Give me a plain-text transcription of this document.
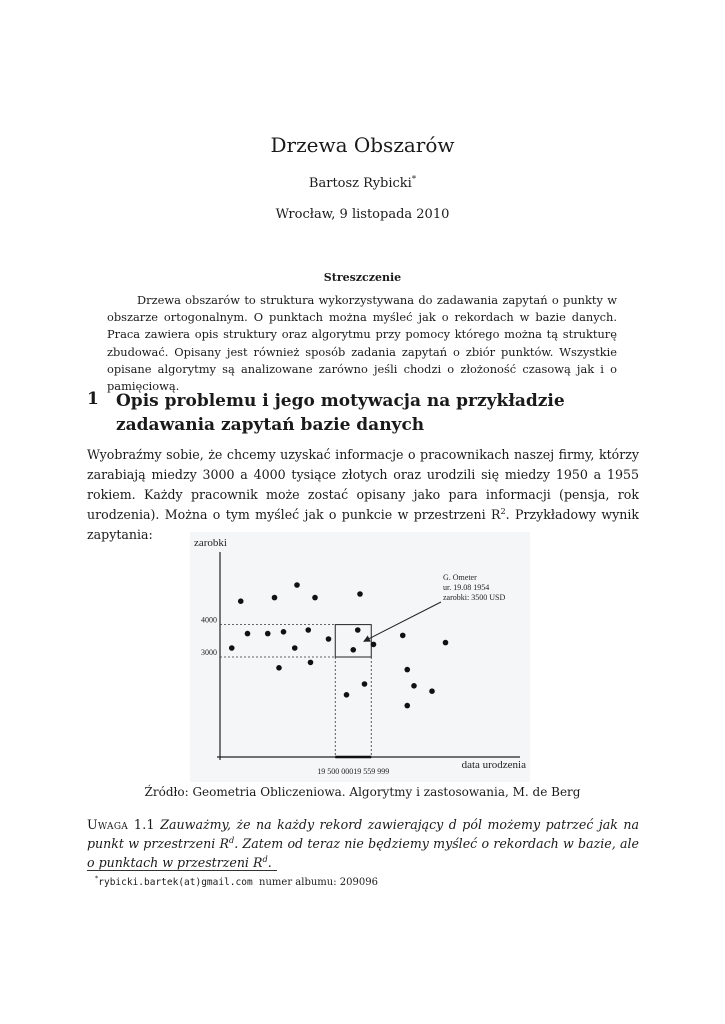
Drzewa Obszarów
Bartosz Rybicki*
Wrocław, 9 listopada 2010
Streszczenie
Drzewa obszarów to struktura wykorzystywana do zadawania zapytań o punkty w obszarze ortogonalnym. O punktach można myśleć jak o rekordach w bazie danych. Praca zawiera opis struktury oraz algorytmu przy pomocy którego można tą strukturę zbudować. Opisany jest również sposób zadania zapytań o zbiór punktów. Wszystkie opisane algorytmy są analizowane zarówno jeśli chodzi o złożoność czasową jak i o pamięciową.
1 Opis problemu i jego motywacja na przykładzie zadawania zapytań bazie danych
Wyobraźmy sobie, że chcemy uzyskać informacje o pracownikach naszej firmy, którzy zarabiają miedzy 3000 a 4000 tysiące złotych oraz urodzili się miedzy 1950 a 1955 rokiem. Każdy pracownik może zostać opisany jako para informacji (pensja, rok urodzenia). Można o tym myśleć jak o punkcie w przestrzeni $R^2$. Przykładowy wynik zapytania:
zarobki
data urodzenia
4000
3000
19 500 000 19 559 999
G. Ometer
ur. 19.08 1954
zarobki: 3500 USD
Źródło: Geometria Obliczeniowa. Algorytmy i zastosowania, M. de Berg
Uwaga 1.1 Zauważmy, że na każdy rekord zawierający d pól możemy patrzeć jak na punkt w przestrzeni $R^d$. Zatem od teraz nie będziemy myśleć o rekordach w bazie, ale o punktach w przestrzeni $R^d$.
*rybicki.bartek(at)gmail.com numer albumu: 209096
